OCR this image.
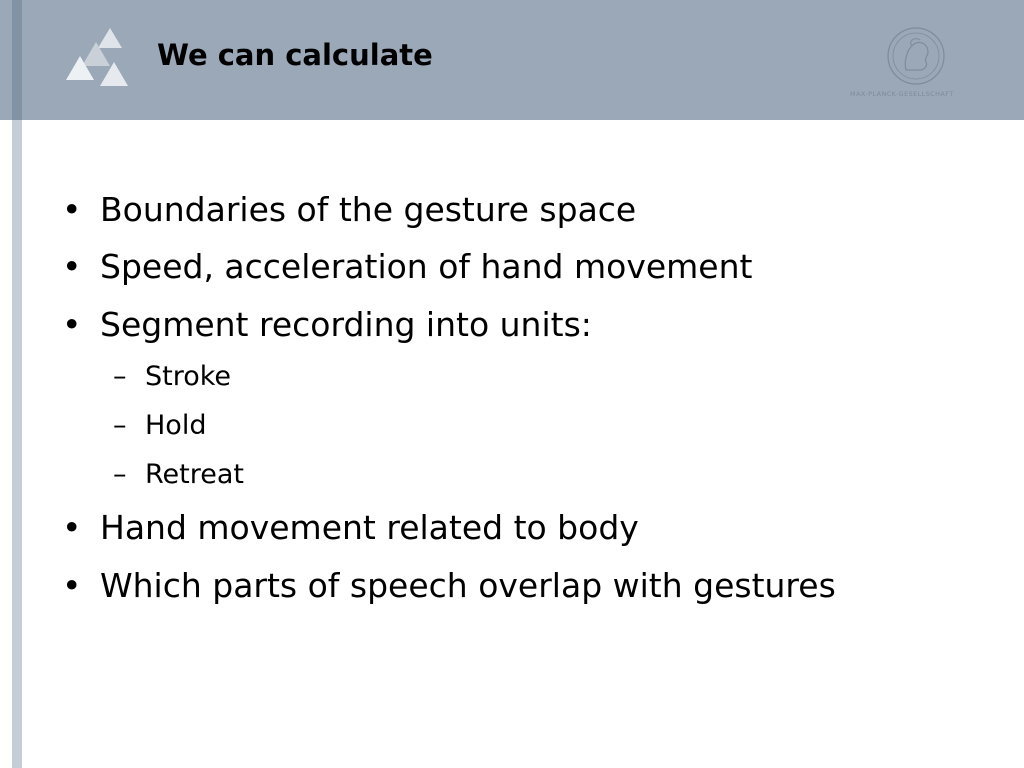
We can calculate
MAX-PLANCK-GESELLSCHAFT
• Boundaries of the gesture space
• Speed, acceleration of hand movement
• Segment recording into units:
– Stroke
– Hold
– Retreat
• Hand movement related to body
• Which parts of speech overlap with gestures
